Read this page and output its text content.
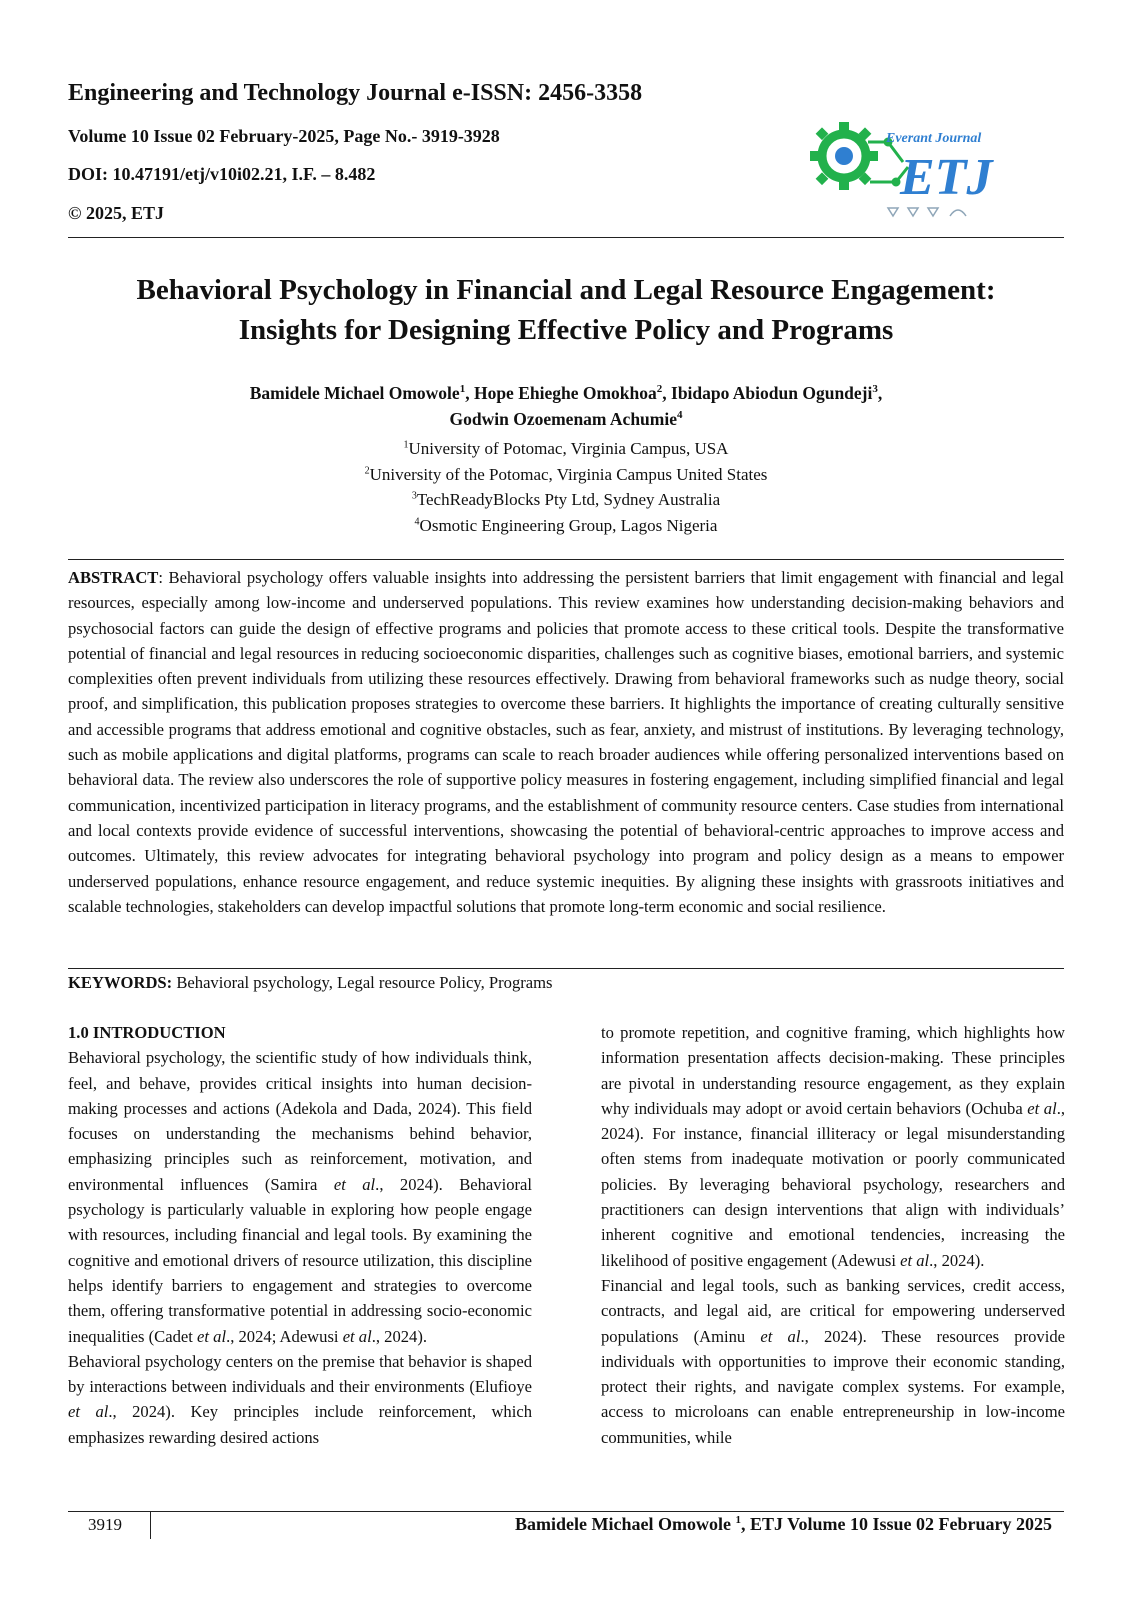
Engineering and Technology Journal e-ISSN: 2456-3358
Volume 10 Issue 02 February-2025, Page No.- 3919-3928
DOI: 10.47191/etj/v10i02.21, I.F. – 8.482
© 2025, ETJ
Everant Journal
ETJ
Behavioral Psychology in Financial and Legal Resource Engagement:
Insights for Designing Effective Policy and Programs
Bamidele Michael Omowole$^1$, Hope Ehieghe Omokhoa$^2$, Ibidapo Abiodun Ogundeji$^3$,
Godwin Ozoemenam Achumie$^4$
$^1$University of Potomac, Virginia Campus, USA
$^2$University of the Potomac, Virginia Campus United States
$^3$TechReadyBlocks Pty Ltd, Sydney Australia
$^4$Osmotic Engineering Group, Lagos Nigeria
ABSTRACT: Behavioral psychology offers valuable insights into addressing the persistent barriers that limit engagement with financial and legal resources, especially among low-income and underserved populations. This review examines how understanding decision-making behaviors and psychosocial factors can guide the design of effective programs and policies that promote access to these critical tools. Despite the transformative potential of financial and legal resources in reducing socioeconomic disparities, challenges such as cognitive biases, emotional barriers, and systemic complexities often prevent individuals from utilizing these resources effectively. Drawing from behavioral frameworks such as nudge theory, social proof, and simplification, this publication proposes strategies to overcome these barriers. It highlights the importance of creating culturally sensitive and accessible programs that address emotional and cognitive obstacles, such as fear, anxiety, and mistrust of institutions. By leveraging technology, such as mobile applications and digital platforms, programs can scale to reach broader audiences while offering personalized interventions based on behavioral data. The review also underscores the role of supportive policy measures in fostering engagement, including simplified financial and legal communication, incentivized participation in literacy programs, and the establishment of community resource centers. Case studies from international and local contexts provide evidence of successful interventions, showcasing the potential of behavioral-centric approaches to improve access and outcomes. Ultimately, this review advocates for integrating behavioral psychology into program and policy design as a means to empower underserved populations, enhance resource engagement, and reduce systemic inequities. By aligning these insights with grassroots initiatives and scalable technologies, stakeholders can develop impactful solutions that promote long-term economic and social resilience.
KEYWORDS: Behavioral psychology, Legal resource Policy, Programs

1.0 INTRODUCTION

Behavioral psychology, the scientific study of how individuals think, feel, and behave, provides critical insights into human decision-making processes and actions (Adekola and Dada, 2024). This field focuses on understanding the mechanisms behind behavior, emphasizing principles such as reinforcement, motivation, and environmental influences (Samira et al., 2024). Behavioral psychology is particularly valuable in exploring how people engage with resources, including financial and legal tools. By examining the cognitive and emotional drivers of resource utilization, this discipline helps identify barriers to engagement and strategies to overcome them, offering transformative potential in addressing socio-economic inequalities (Cadet et al., 2024; Adewusi et al., 2024).

Behavioral psychology centers on the premise that behavior is shaped by interactions between individuals and their environments (Elufioye et al., 2024). Key principles include reinforcement, which emphasizes rewarding desired actions

to promote repetition, and cognitive framing, which highlights how information presentation affects decision-making. These principles are pivotal in understanding resource engagement, as they explain why individuals may adopt or avoid certain behaviors (Ochuba et al., 2024). For instance, financial illiteracy or legal misunderstanding often stems from inadequate motivation or poorly communicated policies. By leveraging behavioral psychology, researchers and practitioners can design interventions that align with individuals’ inherent cognitive and emotional tendencies, increasing the likelihood of positive engagement (Adewusi et al., 2024).

Financial and legal tools, such as banking services, credit access, contracts, and legal aid, are critical for empowering underserved populations (Aminu et al., 2024). These resources provide individuals with opportunities to improve their economic standing, protect their rights, and navigate complex systems. For example, access to microloans can enable entrepreneurship in low-income communities, while

3919	Bamidele Michael Omowole $^1$, ETJ Volume 10 Issue 02 February 2025
